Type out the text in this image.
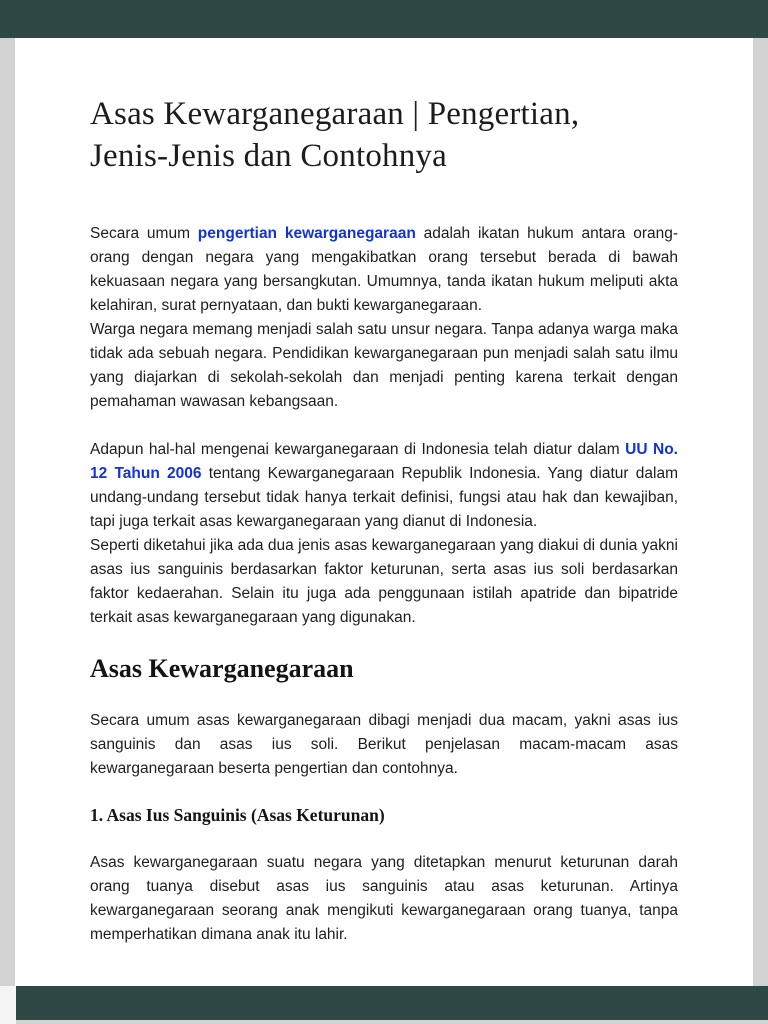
Asas Kewarganegaraan | Pengertian,
Jenis-Jenis dan Contohnya

Secara umum pengertian kewarganegaraan adalah ikatan hukum antara orang-orang dengan negara yang mengakibatkan orang tersebut berada di bawah kekuasaan negara yang bersangkutan. Umumnya, tanda ikatan hukum meliputi akta kelahiran, surat pernyataan, dan bukti kewarganegaraan.

Warga negara memang menjadi salah satu unsur negara. Tanpa adanya warga maka tidak ada sebuah negara. Pendidikan kewarganegaraan pun menjadi salah satu ilmu yang diajarkan di sekolah-sekolah dan menjadi penting karena terkait dengan pemahaman wawasan kebangsaan.

Adapun hal-hal mengenai kewarganegaraan di Indonesia telah diatur dalam UU No. 12 Tahun 2006 tentang Kewarganegaraan Republik Indonesia. Yang diatur dalam undang-undang tersebut tidak hanya terkait definisi, fungsi atau hak dan kewajiban, tapi juga terkait asas kewarganegaraan yang dianut di Indonesia.

Seperti diketahui jika ada dua jenis asas kewarganegaraan yang diakui di dunia yakni asas ius sanguinis berdasarkan faktor keturunan, serta asas ius soli berdasarkan faktor kedaerahan. Selain itu juga ada penggunaan istilah apatride dan bipatride terkait asas kewarganegaraan yang digunakan.

Asas Kewarganegaraan

Secara umum asas kewarganegaraan dibagi menjadi dua macam, yakni asas ius sanguinis dan asas ius soli. Berikut penjelasan macam-macam asas kewarganegaraan beserta pengertian dan contohnya.

1. Asas Ius Sanguinis (Asas Keturunan)

Asas kewarganegaraan suatu negara yang ditetapkan menurut keturunan darah orang tuanya disebut asas ius sanguinis atau asas keturunan. Artinya kewarganegaraan seorang anak mengikuti kewarganegaraan orang tuanya, tanpa memperhatikan dimana anak itu lahir.
